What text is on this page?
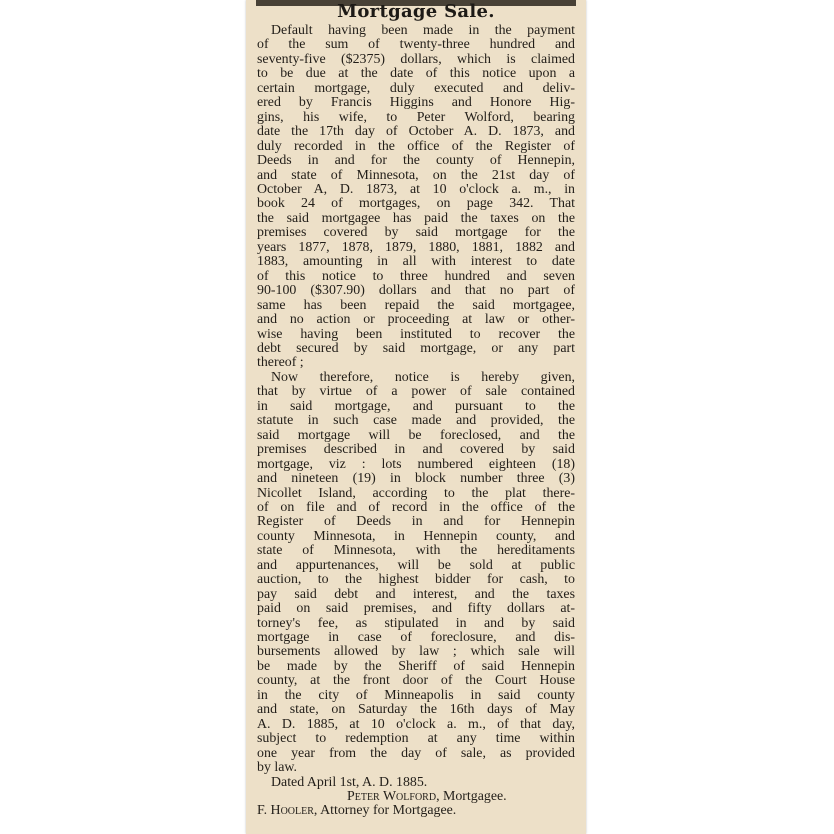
Mortgage Sale.

Default having been made in the payment
of the sum of twenty-three hundred and
seventy-five ($2375) dollars, which is claimed
to be due at the date of this notice upon a
certain mortgage, duly executed and deliv-
ered by Francis Higgins and Honore Hig-
gins, his wife, to Peter Wolford, bearing
date the 17th day of October A. D. 1873, and
duly recorded in the office of the Register of
Deeds in and for the county of Hennepin,
and state of Minnesota, on the 21st day of
October A, D. 1873, at 10 o'clock a. m., in
book 24 of mortgages, on page 342. That
the said mortgagee has paid the taxes on the
premises covered by said mortgage for the
years 1877, 1878, 1879, 1880, 1881, 1882 and
1883, amounting in all with interest to date
of this notice to three hundred and seven
90-100 ($307.90) dollars and that no part of
same has been repaid the said mortgagee,
and no action or proceeding at law or other-
wise having been instituted to recover the
debt secured by said mortgage, or any part
thereof ;

Now therefore, notice is hereby given,
that by virtue of a power of sale contained
in said mortgage, and pursuant to the
statute in such case made and provided, the
said mortgage will be foreclosed, and the
premises described in and covered by said
mortgage, viz : lots numbered eighteen (18)
and nineteen (19) in block number three (3)
Nicollet Island, according to the plat there-
of on file and of record in the office of the
Register of Deeds in and for Hennepin
county Minnesota, in Hennepin county, and
state of Minnesota, with the hereditaments
and appurtenances, will be sold at public
auction, to the highest bidder for cash, to
pay said debt and interest, and the taxes
paid on said premises, and fifty dollars at-
torney's fee, as stipulated in and by said
mortgage in case of foreclosure, and dis-
bursements allowed by law ; which sale will
be made by the Sheriff of said Hennepin
county, at the front door of the Court House
in the city of Minneapolis in said county
and state, on Saturday the 16th days of May
A. D. 1885, at 10 o'clock a. m., of that day,
subject to redemption at any time within
one year from the day of sale, as provided
by law.

Dated April 1st, A. D. 1885.

Peter Wolford, Mortgagee.

F. Hooler, Attorney for Mortgagee.
